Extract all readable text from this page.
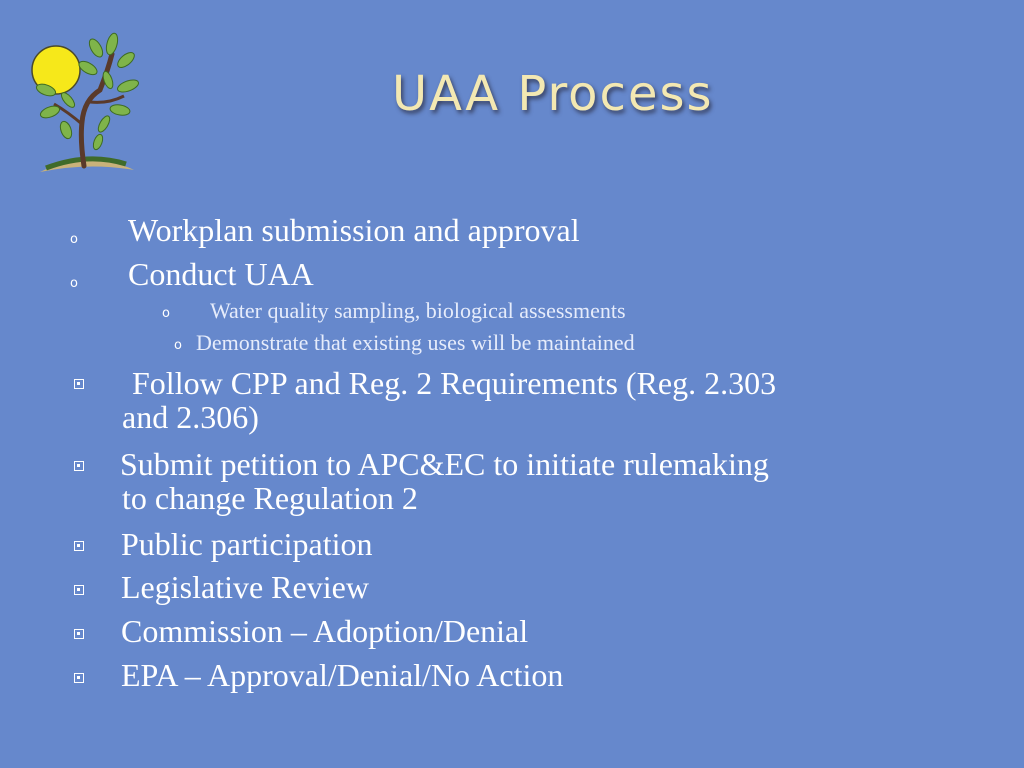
UAA Process
o Workplan submission and approval
o Conduct UAA
o Water quality sampling, biological assessments
o Demonstrate that existing uses will be maintained
Follow CPP and Reg. 2 Requirements (Reg. 2.303
and 2.306)
Submit petition to APC&EC to initiate rulemaking
to change Regulation 2
Public participation
Legislative Review
Commission – Adoption/Denial
EPA – Approval/Denial/No Action
